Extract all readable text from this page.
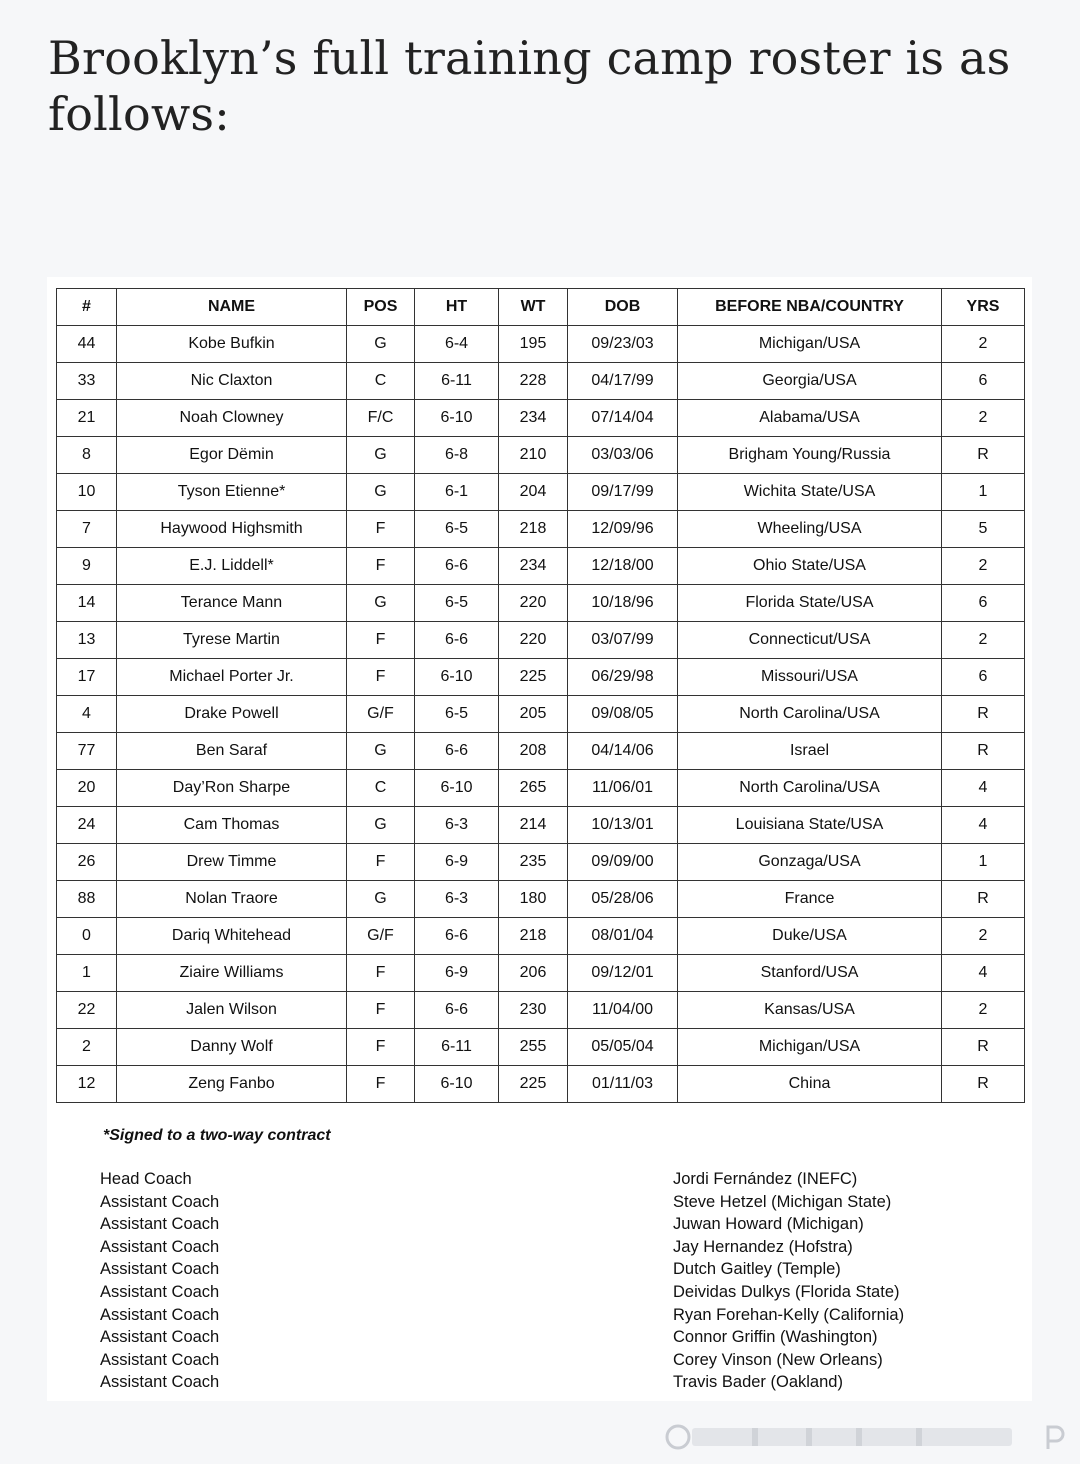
Brooklyn’s full training camp roster is as follows:
#	NAME	POS	HT	WT	DOB	BEFORE NBA/COUNTRY	YRS
44	Kobe Bufkin	G	6-4	195	09/23/03	Michigan/USA	2
33	Nic Claxton	C	6-11	228	04/17/99	Georgia/USA	6
21	Noah Clowney	F/C	6-10	234	07/14/04	Alabama/USA	2
8	Egor Dëmin	G	6-8	210	03/03/06	Brigham Young/Russia	R
10	Tyson Etienne*	G	6-1	204	09/17/99	Wichita State/USA	1
7	Haywood Highsmith	F	6-5	218	12/09/96	Wheeling/USA	5
9	E.J. Liddell*	F	6-6	234	12/18/00	Ohio State/USA	2
14	Terance Mann	G	6-5	220	10/18/96	Florida State/USA	6
13	Tyrese Martin	F	6-6	220	03/07/99	Connecticut/USA	2
17	Michael Porter Jr.	F	6-10	225	06/29/98	Missouri/USA	6
4	Drake Powell	G/F	6-5	205	09/08/05	North Carolina/USA	R
77	Ben Saraf	G	6-6	208	04/14/06	Israel	R
20	Day’Ron Sharpe	C	6-10	265	11/06/01	North Carolina/USA	4
24	Cam Thomas	G	6-3	214	10/13/01	Louisiana State/USA	4
26	Drew Timme	F	6-9	235	09/09/00	Gonzaga/USA	1
88	Nolan Traore	G	6-3	180	05/28/06	France	R
0	Dariq Whitehead	G/F	6-6	218	08/01/04	Duke/USA	2
1	Ziaire Williams	F	6-9	206	09/12/01	Stanford/USA	4
22	Jalen Wilson	F	6-6	230	11/04/00	Kansas/USA	2
2	Danny Wolf	F	6-11	255	05/05/04	Michigan/USA	R
12	Zeng Fanbo	F	6-10	225	01/11/03	China	R
*Signed to a two-way contract
Head Coach	Jordi Fernández (INEFC)
Assistant Coach	Steve Hetzel (Michigan State)
Assistant Coach	Juwan Howard (Michigan)
Assistant Coach	Jay Hernandez (Hofstra)
Assistant Coach	Dutch Gaitley (Temple)
Assistant Coach	Deividas Dulkys (Florida State)
Assistant Coach	Ryan Forehan-Kelly (California)
Assistant Coach	Connor Griffin (Washington)
Assistant Coach	Corey Vinson (New Orleans)
Assistant Coach	Travis Bader (Oakland)
